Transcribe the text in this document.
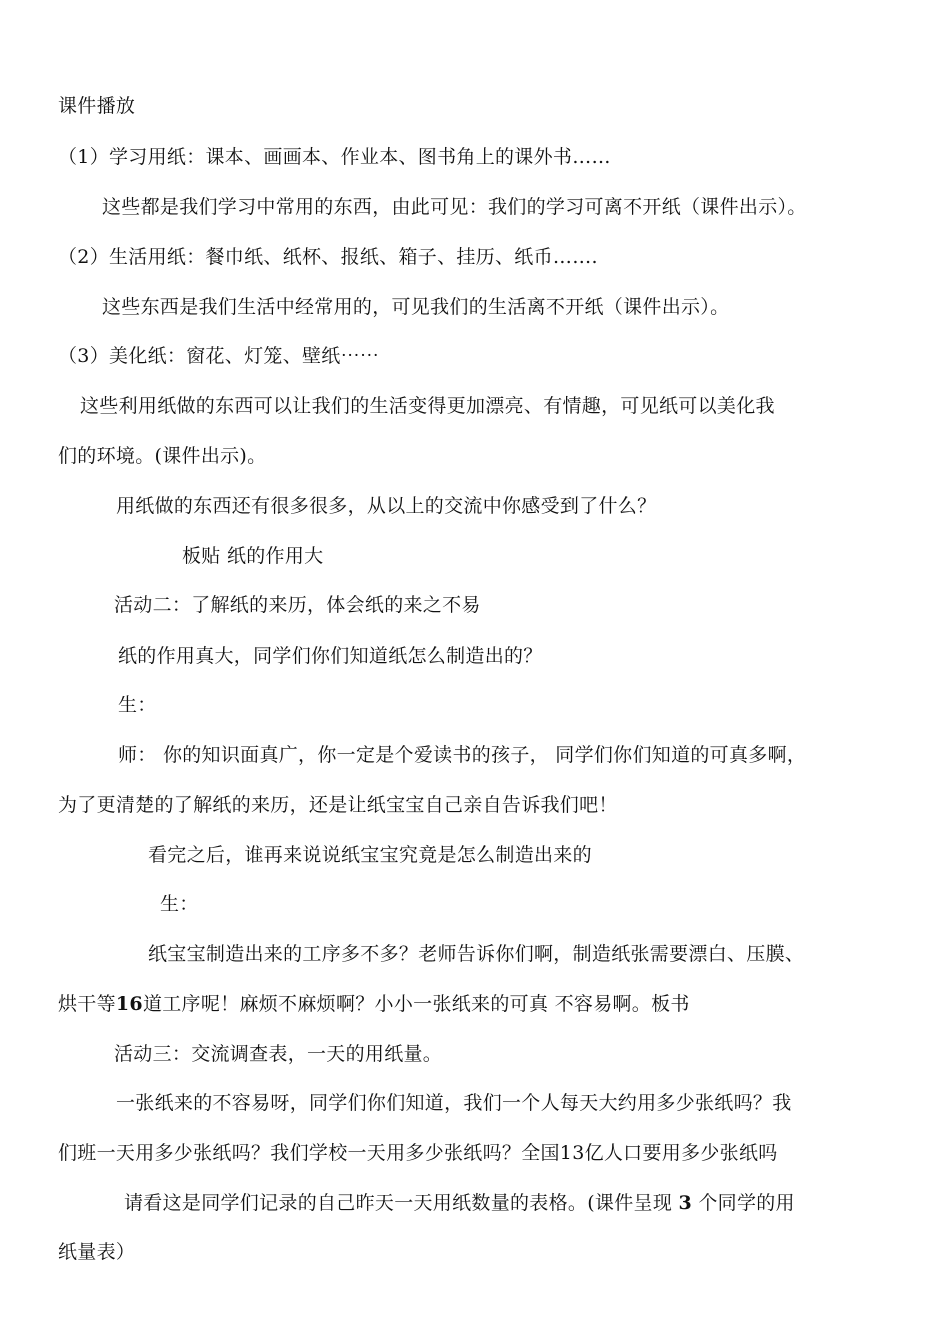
课件播放
（1）学习用纸：课本、画画本、作业本、图书角上的课外书……
这些都是我们学习中常用的东西，由此可见：我们的学习可离不开纸（课件出示）。
（2）生活用纸：餐巾纸、纸杯、报纸、箱子、挂历、纸币…….
这些东西是我们生活中经常用的，可见我们的生活离不开纸（课件出示）。
（3）美化纸：窗花、灯笼、壁纸⋯⋯
这些利用纸做的东西可以让我们的生活变得更加漂亮、有情趣，可见纸可以美化我
们的环境。(课件出示)。
用纸做的东西还有很多很多，从以上的交流中你感受到了什么？
板贴 纸的作用大
活动二：了解纸的来历，体会纸的来之不易
纸的作用真大，同学们你们知道纸怎么制造出的？
生：
师： 你的知识面真广，你一定是个爱读书的孩子， 同学们你们知道的可真多啊，
为了更清楚的了解纸的来历，还是让纸宝宝自己亲自告诉我们吧！
看完之后，谁再来说说纸宝宝究竟是怎么制造出来的
生：
纸宝宝制造出来的工序多不多？老师告诉你们啊，制造纸张需要漂白、压膜、
烘干等16道工序呢！麻烦不麻烦啊？小小一张纸来的可真 不容易啊。板书
活动三：交流调查表，一天的用纸量。
一张纸来的不容易呀，同学们你们知道，我们一个人每天大约用多少张纸吗？我
们班一天用多少张纸吗？我们学校一天用多少张纸吗？全国13亿人口要用多少张纸吗
请看这是同学们记录的自己昨天一天用纸数量的表格。(课件呈现 3 个同学的用
纸量表）
